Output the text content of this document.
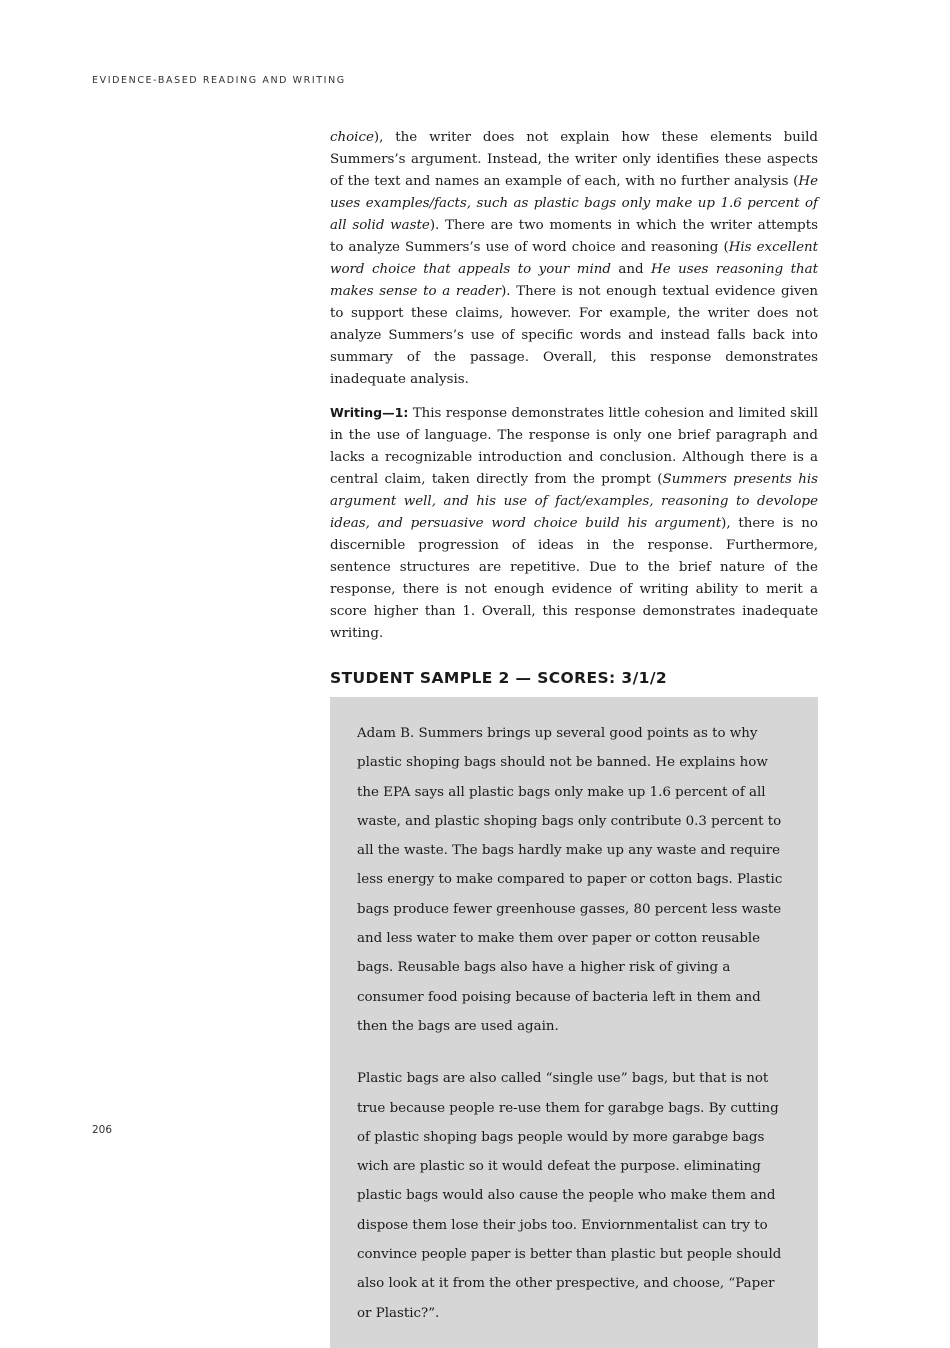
EVIDENCE-BASED READING AND WRITING

choice), the writer does not explain how these elements build Summers’s argument. Instead, the writer only identifies these aspects of the text and names an example of each, with no further analysis (He uses examples/facts, such as plastic bags only make up 1.6 percent of all solid waste). There are two moments in which the writer attempts to analyze Summers’s use of word choice and reasoning (His excellent word choice that appeals to your mind and He uses reasoning that makes sense to a reader). There is not enough textual evidence given to support these claims, however. For example, the writer does not analyze Summers’s use of specific words and instead falls back into summary of the passage. Overall, this response demonstrates inadequate analysis.

Writing—1: This response demonstrates little cohesion and limited skill in the use of language. The response is only one brief paragraph and lacks a recognizable introduction and conclusion. Although there is a central claim, taken directly from the prompt (Summers presents his argument well, and his use of fact/examples, reasoning to devolope ideas, and persuasive word choice build his argument), there is no discernible progression of ideas in the response. Furthermore, sentence structures are repetitive. Due to the brief nature of the response, there is not enough evidence of writing ability to merit a score higher than 1. Overall, this response demonstrates inadequate writing.

STUDENT SAMPLE 2 — SCORES: 3/1/2

Adam B. Summers brings up several good points as to why plastic shoping bags should not be banned. He explains how the EPA says all plastic bags only make up 1.6 percent of all waste, and plastic shoping bags only contribute 0.3 percent to all the waste. The bags hardly make up any waste and require less energy to make compared to paper or cotton bags. Plastic bags produce fewer greenhouse gasses, 80 percent less waste and less water to make them over paper or cotton reusable bags. Reusable bags also have a higher risk of giving a consumer food poising because of bacteria left in them and then the bags are used again.

Plastic bags are also called “single use” bags, but that is not true because people re-use them for garabge bags. By cutting of plastic shoping bags people would by more garabge bags wich are plastic so it would defeat the purpose. eliminating plastic bags would also cause the people who make them and dispose them lose their jobs too. Enviornmentalist can try to convince people paper is better than plastic but people should also look at it from the other prespective, and choose, “Paper or Plastic?”.

206
